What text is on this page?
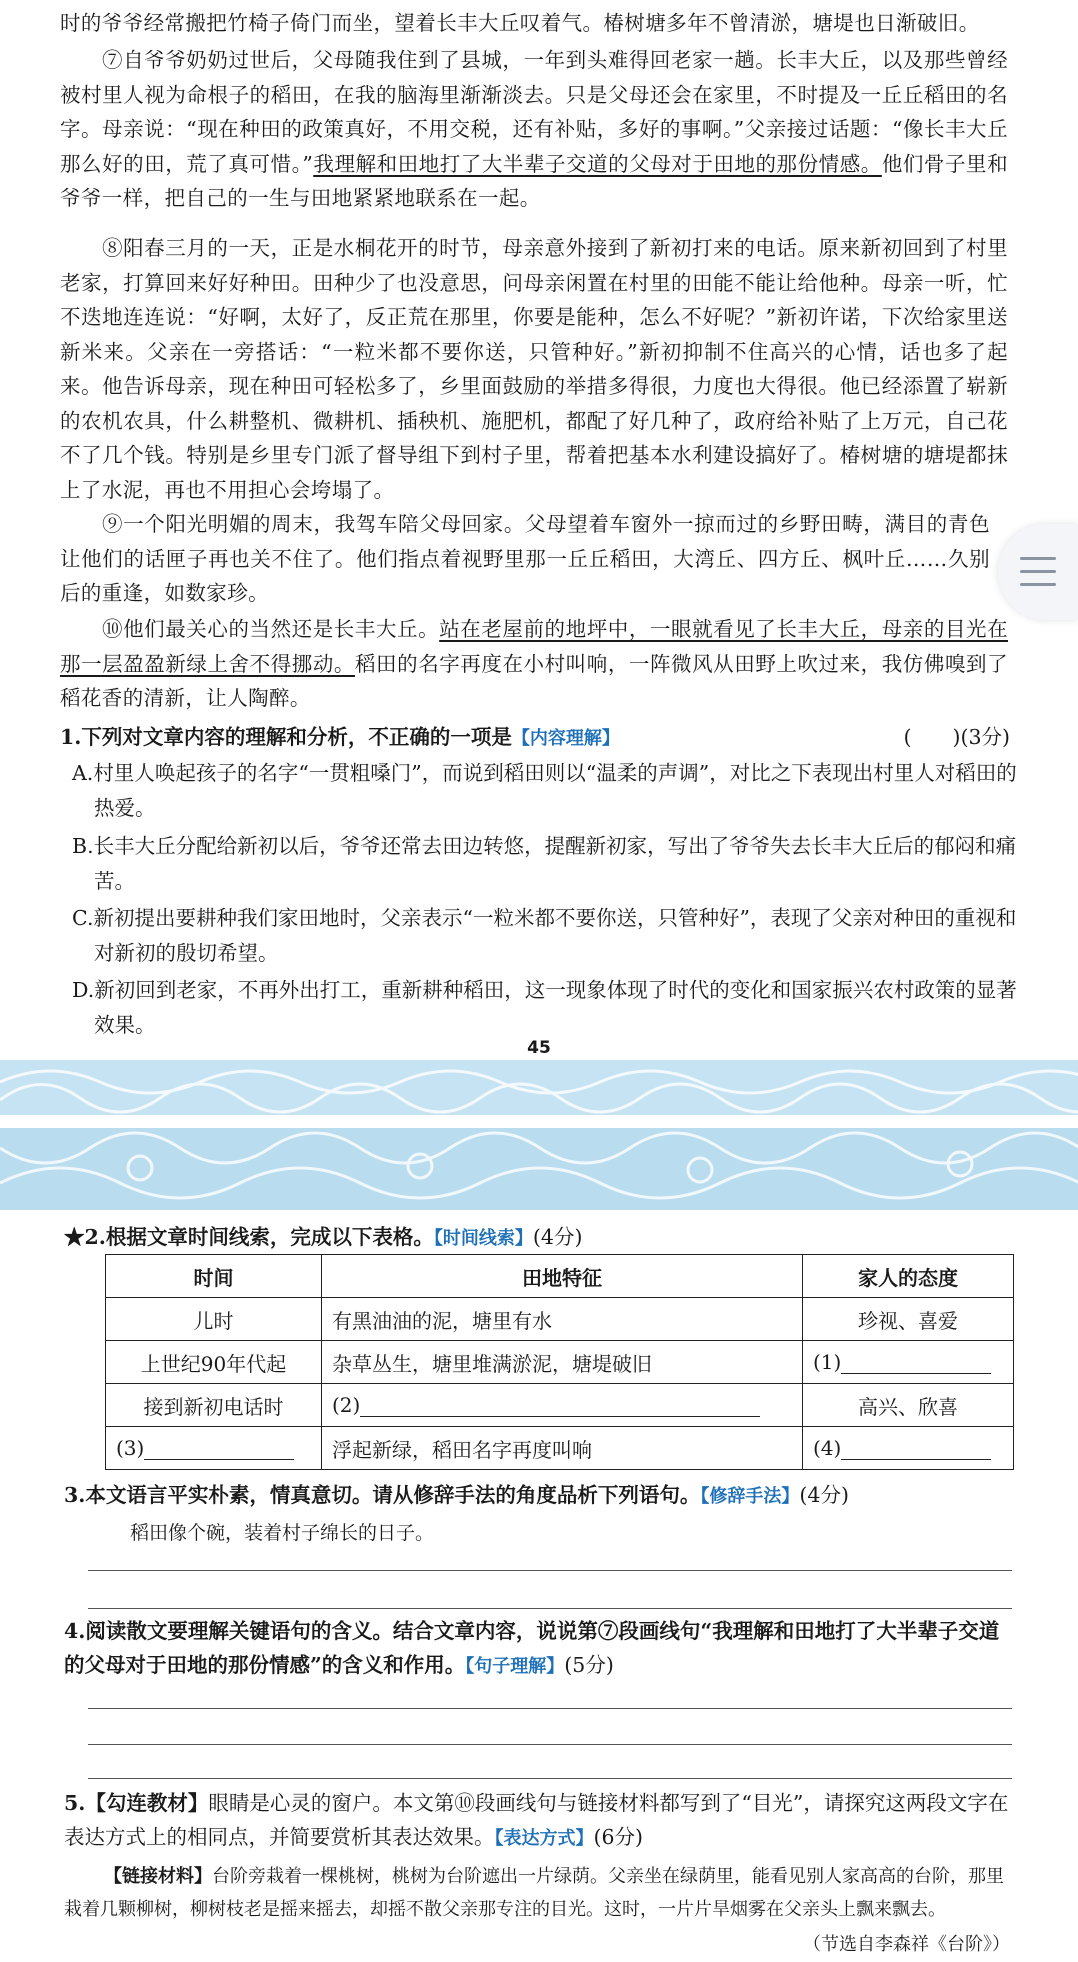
时的爷爷经常搬把竹椅子倚门而坐，望着长丰大丘叹着气。椿树塘多年不曾清淤，塘堤也日渐破旧。
⑦自爷爷奶奶过世后，父母随我住到了县城，一年到头难得回老家一趟。长丰大丘，以及那些曾经被村里人视为命根子的稻田，在我的脑海里渐渐淡去。只是父母还会在家里，不时提及一丘丘稻田的名字。母亲说：“现在种田的政策真好，不用交税，还有补贴，多好的事啊。”父亲接过话题：“像长丰大丘那么好的田，荒了真可惜。”我理解和田地打了大半辈子交道的父母对于田地的那份情感。他们骨子里和爷爷一样，把自己的一生与田地紧紧地联系在一起。
⑧阳春三月的一天，正是水桐花开的时节，母亲意外接到了新初打来的电话。原来新初回到了村里老家，打算回来好好种田。田种少了也没意思，问母亲闲置在村里的田能不能让给他种。母亲一听，忙不迭地连连说：“好啊，太好了，反正荒在那里，你要是能种，怎么不好呢？”新初许诺，下次给家里送新米来。父亲在一旁搭话：“一粒米都不要你送，只管种好。”新初抑制不住高兴的心情，话也多了起来。他告诉母亲，现在种田可轻松多了，乡里面鼓励的举措多得很，力度也大得很。他已经添置了崭新的农机农具，什么耕整机、微耕机、插秧机、施肥机，都配了好几种了，政府给补贴了上万元，自己花不了几个钱。特别是乡里专门派了督导组下到村子里，帮着把基本水利建设搞好了。椿树塘的塘堤都抹上了水泥，再也不用担心会垮塌了。
⑨一个阳光明媚的周末，我驾车陪父母回家。父母望着车窗外一掠而过的乡野田畴，满目的青色让他们的话匣子再也关不住了。他们指点着视野里那一丘丘稻田，大湾丘、四方丘、枫叶丘……久别后的重逢，如数家珍。
⑩他们最关心的当然还是长丰大丘。站在老屋前的地坪中，一眼就看见了长丰大丘，母亲的目光在那一层盈盈新绿上舍不得挪动。稻田的名字再度在小村叫响，一阵微风从田野上吹过来，我仿佛嗅到了稻花香的清新，让人陶醉。
1.下列对文章内容的理解和分析，不正确的一项是【内容理解】	(　　)(3分)
A.村里人唤起孩子的名字“一贯粗嗓门”，而说到稻田则以“温柔的声调”，对比之下表现出村里人对稻田的热爱。
B.长丰大丘分配给新初以后，爷爷还常去田边转悠，提醒新初家，写出了爷爷失去长丰大丘后的郁闷和痛苦。
C.新初提出要耕种我们家田地时，父亲表示“一粒米都不要你送，只管种好”，表现了父亲对种田的重视和对新初的殷切希望。
D.新初回到老家，不再外出打工，重新耕种稻田，这一现象体现了时代的变化和国家振兴农村政策的显著效果。
45
★2.根据文章时间线索，完成以下表格。【时间线索】(4分)
时间	田地特征	家人的态度
儿时	有黑油油的泥，塘里有水	珍视、喜爱
上世纪90年代起	杂草丛生，塘里堆满淤泥，塘堤破旧	(1)
接到新初电话时	(2)	高兴、欣喜
(3)	浮起新绿，稻田名字再度叫响	(4)
3.本文语言平实朴素，情真意切。请从修辞手法的角度品析下列语句。【修辞手法】(4分)
稻田像个碗，装着村子绵长的日子。
4.阅读散文要理解关键语句的含义。结合文章内容，说说第⑦段画线句“我理解和田地打了大半辈子交道的父母对于田地的那份情感”的含义和作用。【句子理解】(5分)
5.【勾连教材】眼睛是心灵的窗户。本文第⑩段画线句与链接材料都写到了“目光”，请探究这两段文字在表达方式上的相同点，并简要赏析其表达效果。【表达方式】(6分)
【链接材料】台阶旁栽着一棵桃树，桃树为台阶遮出一片绿荫。父亲坐在绿荫里，能看见别人家高高的台阶，那里栽着几颗柳树，柳树枝老是摇来摇去，却摇不散父亲那专注的目光。这时，一片片旱烟雾在父亲头上飘来飘去。
（节选自李森祥《台阶》）
